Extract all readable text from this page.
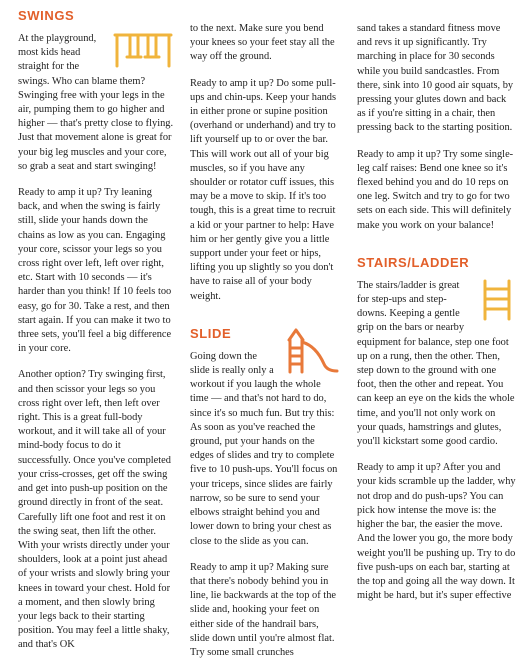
SWINGS

At the playground, most kids head straight for the swings. Who can blame them? Swinging free with your legs in the air, pumping them to go higher and higher — that's pretty close to flying. Just that movement alone is great for your big leg muscles and your core, so grab a seat and start swinging!

Ready to amp it up? Try leaning back, and when the swing is fairly still, slide your hands down the chains as low as you can. Engaging your core, scissor your legs so you cross right over left, left over right, etc. Start with 10 seconds — it's harder than you think! If 10 feels too easy, go for 30. Take a rest, and then start again. If you can make it two to three sets, you'll feel a big difference in your core.

Another option? Try swinging first, and then scissor your legs so you cross right over left, then left over right. This is a great full-body workout, and it will take all of your mind-body focus to do it successfully. Once you've completed your criss-crosses, get off the swing and get into push-up position on the ground directly in front of the seat. Carefully lift one foot and rest it on the swing seat, then lift the other. With your wrists directly under your shoulders, look at a point just ahead of your wrists and slowly bring your knees in toward your chest. Hold for a moment, and then slowly bring your legs back to their starting position. You may feel a little shaky, and that's OK

to the next. Make sure you bend your knees so your feet stay all the way off the ground.

Ready to amp it up? Do some pull-ups and chin-ups. Keep your hands in either prone or supine position (overhand or underhand) and try to lift yourself up to or over the bar. This will work out all of your big muscles, so if you have any shoulder or rotator cuff issues, this may be a move to skip. If it's too tough, this is a great time to recruit a kid or your partner to help: Have him or her gently give you a little support under your feet or hips, lifting you up slightly so you don't have to raise all of your body weight.

SLIDE

Going down the slide is really only a workout if you laugh the whole time — and that's not hard to do, since it's so much fun. But try this: As soon as you've reached the ground, put your hands on the edges of slides and try to complete five to 10 push-ups. You'll focus on your triceps, since slides are fairly narrow, so be sure to send your elbows straight behind you and lower down to bring your chest as close to the slide as you can.

Ready to amp it up? Making sure that there's nobody behind you in line, lie backwards at the top of the slide and, hooking your feet on either side of the handrail bars, slide down until you're almost flat. Try some small crunches

sand takes a standard fitness move and revs it up significantly. Try marching in place for 30 seconds while you build sandcastles. From there, sink into 10 good air squats, by pressing your glutes down and back as if you're sitting in a chair, then pressing back to the starting position.

Ready to amp it up? Try some single-leg calf raises: Bend one knee so it's flexed behind you and do 10 reps on one leg. Switch and try to go for two sets on each side. This will definitely make you work on your balance!

STAIRS/LADDER

The stairs/ladder is great for step-ups and step-downs. Keeping a gentle grip on the bars or nearby equipment for balance, step one foot up on a rung, then the other. Then, step down to the ground with one foot, then the other and repeat. You can keep an eye on the kids the whole time, and you'll not only work on your quads, hamstrings and glutes, you'll kickstart some good cardio.

Ready to amp it up? After you and your kids scramble up the ladder, why not drop and do push-ups? You can pick how intense the move is: the higher the bar, the easier the move. And the lower you go, the more body weight you'll be pushing up. Try to do five push-ups on each bar, starting at the top and going all the way down. It might be hard, but it's super effective
